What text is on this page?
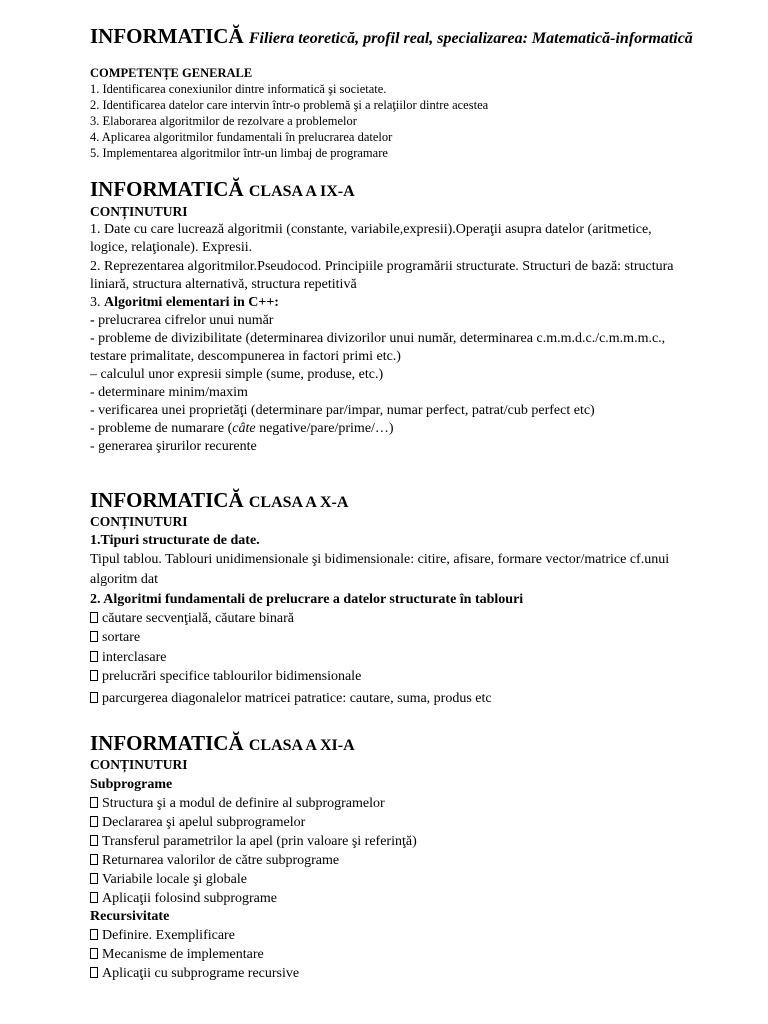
INFORMATICĂ Filiera teoretică, profil real, specializarea: Matematică-informatică
COMPETENȚE GENERALE
1. Identificarea conexiunilor dintre informatică şi societate.
2. Identificarea datelor care intervin într-o problemă şi a relaţiilor dintre acestea
3. Elaborarea algoritmilor de rezolvare a problemelor
4. Aplicarea algoritmilor fundamentali în prelucrarea datelor
5. Implementarea algoritmilor într-un limbaj de programare
INFORMATICĂ CLASA A IX-A
CONȚINUTURI
1. Date cu care lucrează algoritmii (constante, variabile,expresii).Operaţii asupra datelor (aritmetice,
logice, relaţionale). Expresii.
2. Reprezentarea algoritmilor.Pseudocod. Principiile programării structurate. Structuri de bază: structura
liniară, structura alternativă, structura repetitivă
3. Algoritmi elementari in C++:
- prelucrarea cifrelor unui număr
- probleme de divizibilitate (determinarea divizorilor unui număr, determinarea c.m.m.d.c./c.m.m.m.c.,
testare primalitate, descompunerea in factori primi etc.)
– calculul unor expresii simple (sume, produse, etc.)
- determinare minim/maxim
- verificarea unei proprietăţi (determinare par/impar, numar perfect, patrat/cub perfect etc)
- probleme de numarare (câte negative/pare/prime/…)
- generarea şirurilor recurente
INFORMATICĂ CLASA A X-A
CONȚINUTURI
1.Tipuri structurate de date.
Tipul tablou. Tablouri unidimensionale şi bidimensionale: citire, afisare, formare vector/matrice cf.unui
algoritm dat
2. Algoritmi fundamentali de prelucrare a datelor structurate în tablouri
căutare secvenţială, căutare binară
sortare
interclasare
prelucrări specifice tablourilor bidimensionale
parcurgerea diagonalelor matricei patratice: cautare, suma, produs etc
INFORMATICĂ CLASA A XI-A
CONȚINUTURI
Subprograme
Structura şi a modul de definire al subprogramelor
Declararea şi apelul subprogramelor
Transferul parametrilor la apel (prin valoare şi referinţă)
Returnarea valorilor de către subprograme
Variabile locale şi globale
Aplicaţii folosind subprograme
Recursivitate
Definire. Exemplificare
Mecanisme de implementare
Aplicaţii cu subprograme recursive
